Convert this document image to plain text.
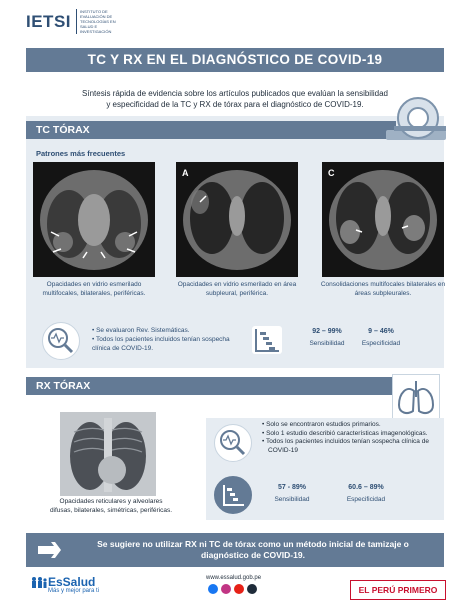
IETSI	INSTITUTO DE EVALUACIÓN DE TECNOLOGÍAS EN SALUD E INVESTIGACIÓN
TC Y RX EN EL DIAGNÓSTICO DE COVID-19
Síntesis rápida de evidencia sobre los artículos publicados que evalúan la sensibilidad
y especificidad de la TC y RX de tórax para el diagnóstico de COVID-19.
TC TÓRAX
Patrones más frecuentes
A	C
Opacidades en vidrio esmerilado multifocales, bilaterales, periféricas.
Opacidades en vidrio esmerilado en área subpleural, periférica.
Consolidaciones multifocales bilaterales en áreas subpleurales.
• Se evaluaron Rev. Sistemáticas.
• Todos los pacientes incluidos tenían sospecha clínica de COVID-19.
92 – 99%
Sensibilidad
9 – 46%
Especificidad
RX TÓRAX
Opacidades reticulares y alveolares
difusas, bilaterales, simétricas, periféricas.
• Solo se encontraron estudios primarios.
• Solo 1 estudio describió características imagenológicas.
• Todos los pacientes incluidos tenían sospecha clínica de COVID-19
57 - 89%
Sensibilidad
60.6 – 89%
Especificidad
Se sugiere no utilizar RX ni TC de tórax como un método inicial de tamizaje o
diagnóstico de COVID-19.
EsSalud
Más y mejor para ti
www.essalud.gob.pe
EL PERÚ PRIMERO
